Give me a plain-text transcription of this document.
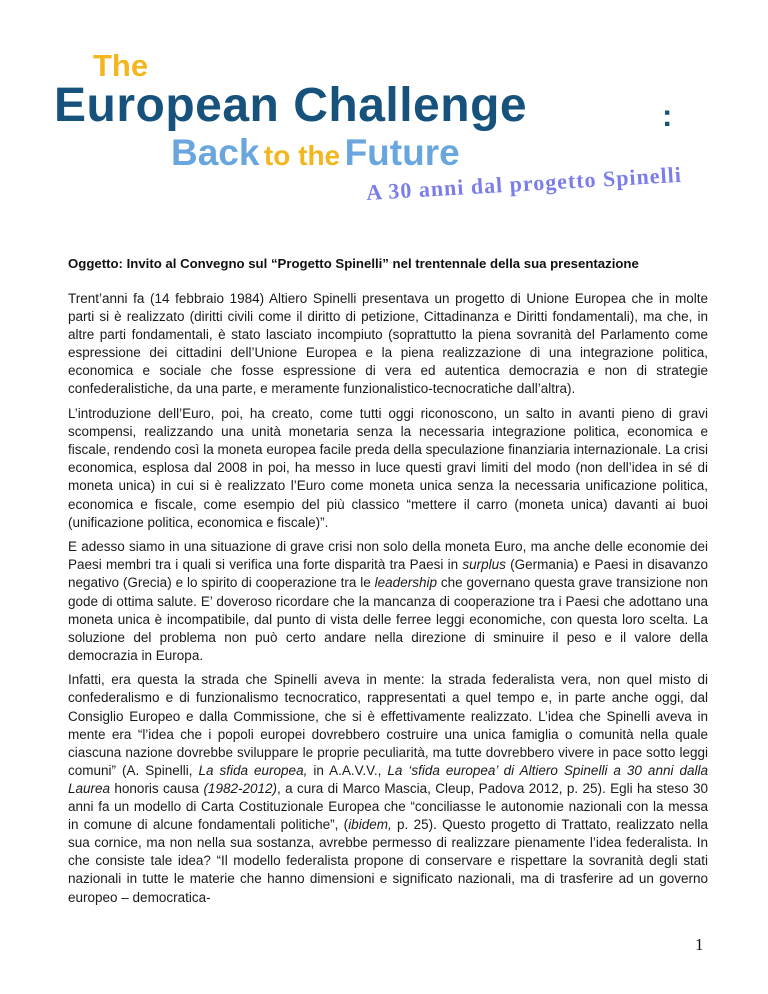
The
European Challenge	:
Back to the Future
A 30 anni dal progetto Spinelli
Oggetto: Invito al Convegno sul “Progetto Spinelli” nel trentennale della sua presentazione

Trent’anni fa (14 febbraio 1984) Altiero Spinelli presentava un progetto di Unione Europea che in molte parti si è realizzato (diritti civili come il diritto di petizione, Cittadinanza e Diritti fondamentali), ma che, in altre parti fondamentali, è stato lasciato incompiuto (soprattutto la piena sovranità del Parlamento come espressione dei cittadini dell’Unione Europea e la piena realizzazione di una integrazione politica, economica e sociale che fosse espressione di vera ed autentica democrazia e non di strategie confederalistiche, da una parte, e meramente funzionalistico-tecnocratiche dall’altra).

L’introduzione dell’Euro, poi, ha creato, come tutti oggi riconoscono, un salto in avanti pieno di gravi scompensi, realizzando una unità monetaria senza la necessaria integrazione politica, economica e fiscale, rendendo così la moneta europea facile preda della speculazione finanziaria internazionale. La crisi economica, esplosa dal 2008 in poi, ha messo in luce questi gravi limiti del modo (non dell’idea in sé di moneta unica) in cui si è realizzato l’Euro come moneta unica senza la necessaria unificazione politica, economica e fiscale, come esempio del più classico “mettere il carro (moneta unica) davanti ai buoi (unificazione politica, economica e fiscale)”.

E adesso siamo in una situazione di grave crisi non solo della moneta Euro, ma anche delle economie dei Paesi membri tra i quali si verifica una forte disparità tra Paesi in surplus (Germania) e Paesi in disavanzo negativo (Grecia) e lo spirito di cooperazione tra le leadership che governano questa grave transizione non gode di ottima salute. E’ doveroso ricordare che la mancanza di cooperazione tra i Paesi che adottano una moneta unica è incompatibile, dal punto di vista delle ferree leggi economiche, con questa loro scelta. La soluzione del problema non può certo andare nella direzione di sminuire il peso e il valore della democrazia in Europa.

Infatti, era questa la strada che Spinelli aveva in mente: la strada federalista vera, non quel misto di confederalismo e di funzionalismo tecnocratico, rappresentati a quel tempo e, in parte anche oggi, dal Consiglio Europeo e dalla Commissione, che si è effettivamente realizzato. L’idea che Spinelli aveva in mente era “l’idea che i popoli europei dovrebbero costruire una unica famiglia o comunità nella quale ciascuna nazione dovrebbe sviluppare le proprie peculiarità, ma tutte dovrebbero vivere in pace sotto leggi comuni” (A. Spinelli, La sfida europea, in A.A.V.V., La ‘sfida europea’ di Altiero Spinelli a 30 anni dalla Laurea honoris causa (1982-2012), a cura di Marco Mascia, Cleup, Padova 2012, p. 25). Egli ha steso 30 anni fa un modello di Carta Costituzionale Europea che “conciliasse le autonomie nazionali con la messa in comune di alcune fondamentali politiche”, (ibidem, p. 25). Questo progetto di Trattato, realizzato nella sua cornice, ma non nella sua sostanza, avrebbe permesso di realizzare pienamente l’idea federalista. In che consiste tale idea? “Il modello federalista propone di conservare e rispettare la sovranità degli stati nazionali in tutte le materie che hanno dimensioni e significato nazionali, ma di trasferire ad un governo europeo – democratica-

1
